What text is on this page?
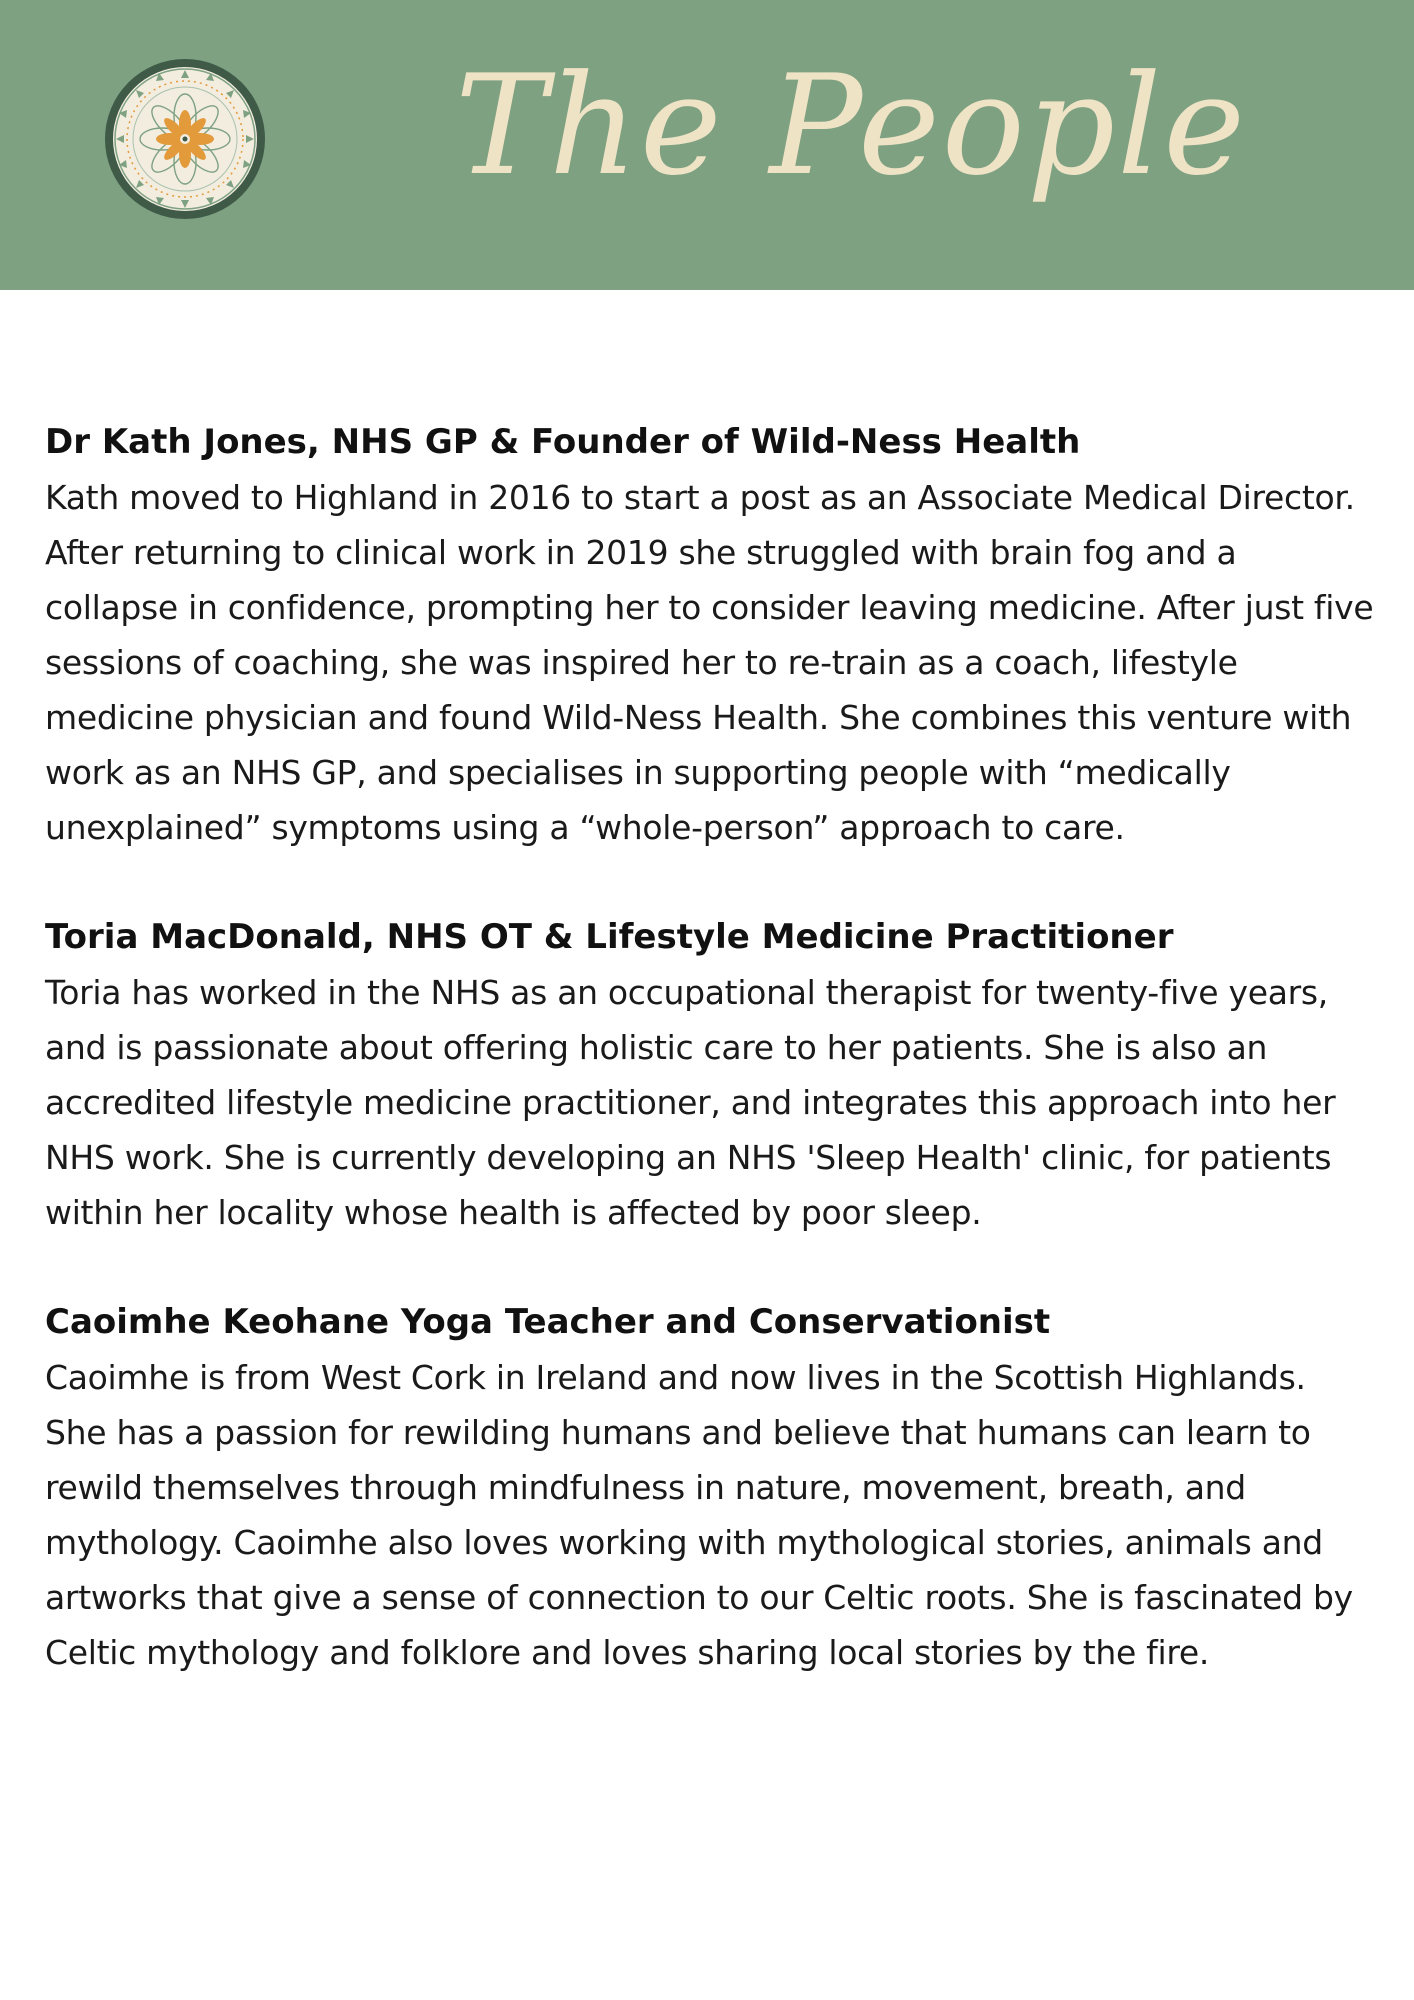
The People

Dr Kath Jones, NHS GP & Founder of Wild-Ness Health

Kath moved to Highland in 2016 to start a post as an Associate Medical Director. After returning to clinical work in 2019 she struggled with brain fog and a collapse in confidence, prompting her to consider leaving medicine. After just five sessions of coaching, she was inspired her to re-train as a coach, lifestyle medicine physician and found Wild-Ness Health. She combines this venture with work as an NHS GP, and specialises in supporting people with “medically unexplained” symptoms using a “whole-person” approach to care.

Toria MacDonald, NHS OT & Lifestyle Medicine Practitioner

Toria has worked in the NHS as an occupational therapist for twenty-five years, and is passionate about offering holistic care to her patients. She is also an accredited lifestyle medicine practitioner, and integrates this approach into her NHS work. She is currently developing an NHS 'Sleep Health' clinic, for patients within her locality whose health is affected by poor sleep.

Caoimhe Keohane Yoga Teacher and Conservationist

Caoimhe is from West Cork in Ireland and now lives in the Scottish Highlands. She has a passion for rewilding humans and believe that humans can learn to rewild themselves through mindfulness in nature, movement, breath, and mythology. Caoimhe also loves working with mythological stories, animals and artworks that give a sense of connection to our Celtic roots. She is fascinated by Celtic mythology and folklore and loves sharing local stories by the fire.
